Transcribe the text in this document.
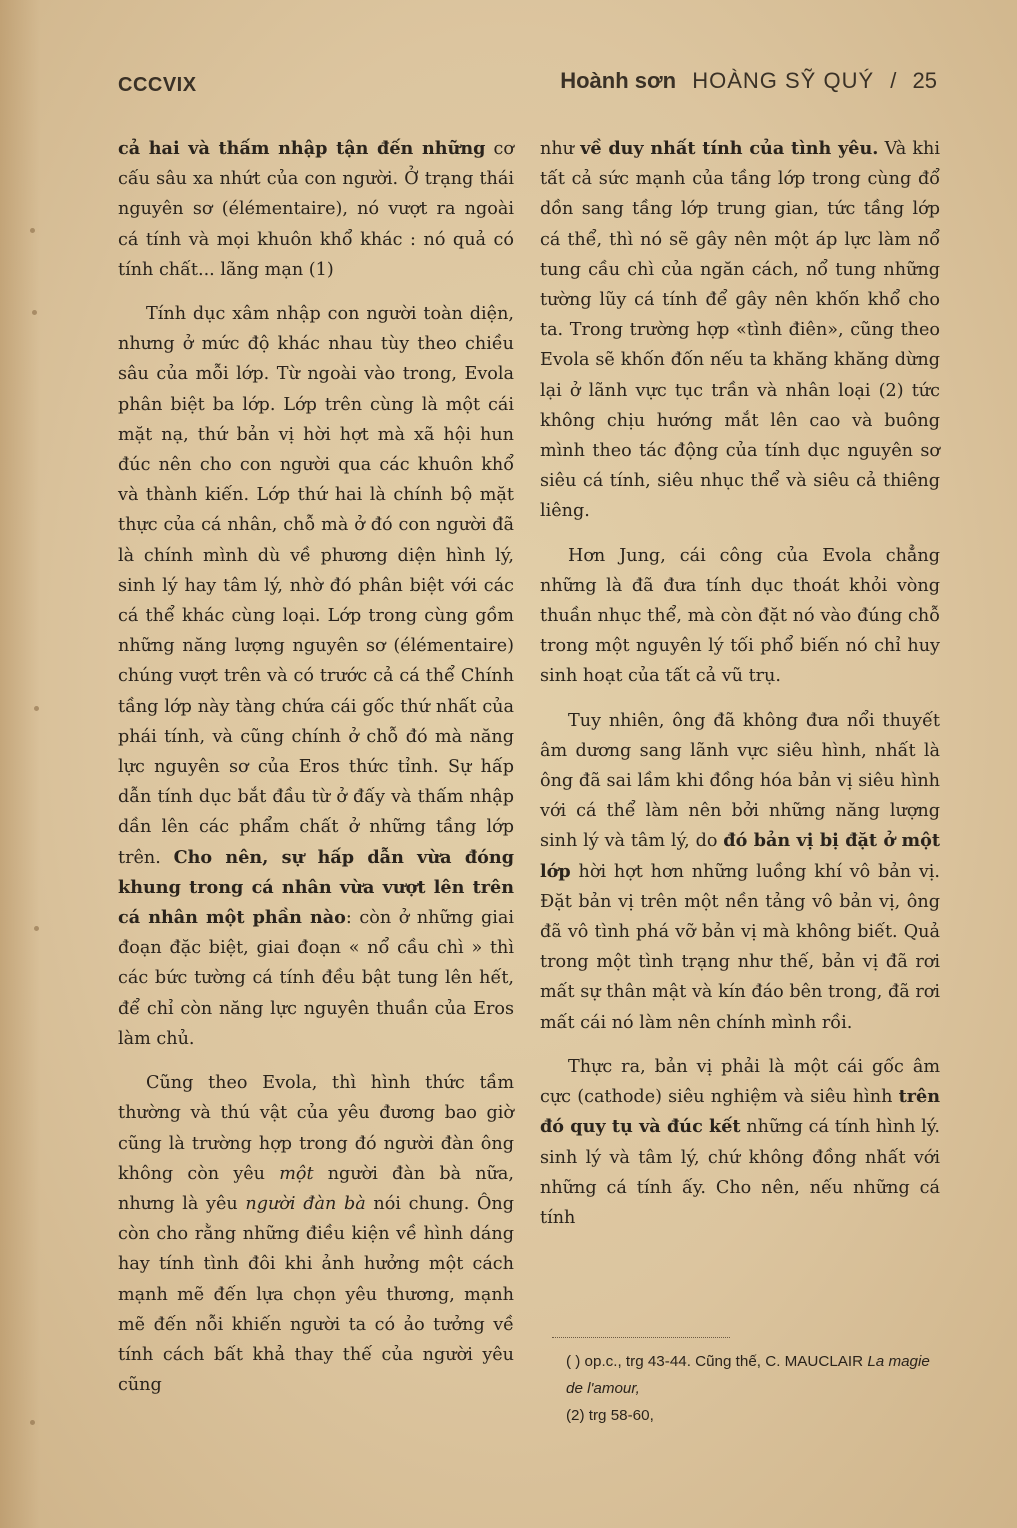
CCCVIX	Hoành sơn HOÀNG SỸ QUÝ / 25

cả hai và thấm nhập tận đến những cơ cấu sâu xa nhứt của con người. Ở trạng thái nguyên sơ (élémentaire), nó vượt ra ngoài cá tính và mọi khuôn khổ khác : nó quả có tính chất... lãng mạn (1)

Tính dục xâm nhập con người toàn diện, nhưng ở mức độ khác nhau tùy theo chiều sâu của mỗi lớp. Từ ngoài vào trong, Evola phân biệt ba lớp. Lớp trên cùng là một cái mặt nạ, thứ bản vị hời hợt mà xã hội hun đúc nên cho con người qua các khuôn khổ và thành kiến. Lớp thứ hai là chính bộ mặt thực của cá nhân, chỗ mà ở đó con người đã là chính mình dù về phương diện hình lý, sinh lý hay tâm lý, nhờ đó phân biệt với các cá thể khác cùng loại. Lớp trong cùng gồm những năng lượng nguyên sơ (élémentaire) chúng vượt trên và có trước cả cá thể Chính tầng lớp này tàng chứa cái gốc thứ nhất của phái tính, và cũng chính ở chỗ đó mà năng lực nguyên sơ của Eros thức tỉnh. Sự hấp dẫn tính dục bắt đầu từ ở đấy và thấm nhập dần lên các phẩm chất ở những tầng lớp trên. Cho nên, sự hấp dẫn vừa đóng khung trong cá nhân vừa vượt lên trên cá nhân một phần nào: còn ở những giai đoạn đặc biệt, giai đoạn « nổ cầu chì » thì các bức tường cá tính đều bật tung lên hết, để chỉ còn năng lực nguyên thuần của Eros làm chủ.

Cũng theo Evola, thì hình thức tầm thường và thú vật của yêu đương bao giờ cũng là trường hợp trong đó người đàn ông không còn yêu một người đàn bà nữa, nhưng là yêu người đàn bà nói chung. Ông còn cho rằng những điều kiện về hình dáng hay tính tình đôi khi ảnh hưởng một cách mạnh mẽ đến lựa chọn yêu thương, mạnh mẽ đến nỗi khiến người ta có ảo tưởng về tính cách bất khả thay thế của người yêu cũng

như về duy nhất tính của tình yêu. Và khi tất cả sức mạnh của tầng lớp trong cùng đổ dồn sang tầng lớp trung gian, tức tầng lớp cá thể, thì nó sẽ gây nên một áp lực làm nổ tung cầu chì của ngăn cách, nổ tung những tường lũy cá tính để gây nên khốn khổ cho ta. Trong trường hợp «tình điên», cũng theo Evola sẽ khốn đốn nếu ta khăng khăng dừng lại ở lãnh vực tục trần và nhân loại (2) tức không chịu hướng mắt lên cao và buông mình theo tác động của tính dục nguyên sơ siêu cá tính, siêu nhục thể và siêu cả thiêng liêng.

Hơn Jung, cái công của Evola chẳng những là đã đưa tính dục thoát khỏi vòng thuần nhục thể, mà còn đặt nó vào đúng chỗ trong một nguyên lý tối phổ biến nó chỉ huy sinh hoạt của tất cả vũ trụ.

Tuy nhiên, ông đã không đưa nổi thuyết âm dương sang lãnh vực siêu hình, nhất là ông đã sai lầm khi đồng hóa bản vị siêu hình với cá thể làm nên bởi những năng lượng sinh lý và tâm lý, do đó bản vị bị đặt ở một lớp hời hợt hơn những luồng khí vô bản vị. Đặt bản vị trên một nền tảng vô bản vị, ông đã vô tình phá vỡ bản vị mà không biết. Quả trong một tình trạng như thế, bản vị đã rơi mất sự thân mật và kín đáo bên trong, đã rơi mất cái nó làm nên chính mình rồi.

Thực ra, bản vị phải là một cái gốc âm cực (cathode) siêu nghiệm và siêu hình trên đó quy tụ và đúc kết những cá tính hình lý. sinh lý và tâm lý, chứ không đồng nhất với những cá tính ấy. Cho nên, nếu những cá tính

( ) op.c., trg 43-44. Cũng thế, C. MAUCLAIR La magie de l'amour,
(2) trg 58-60,
